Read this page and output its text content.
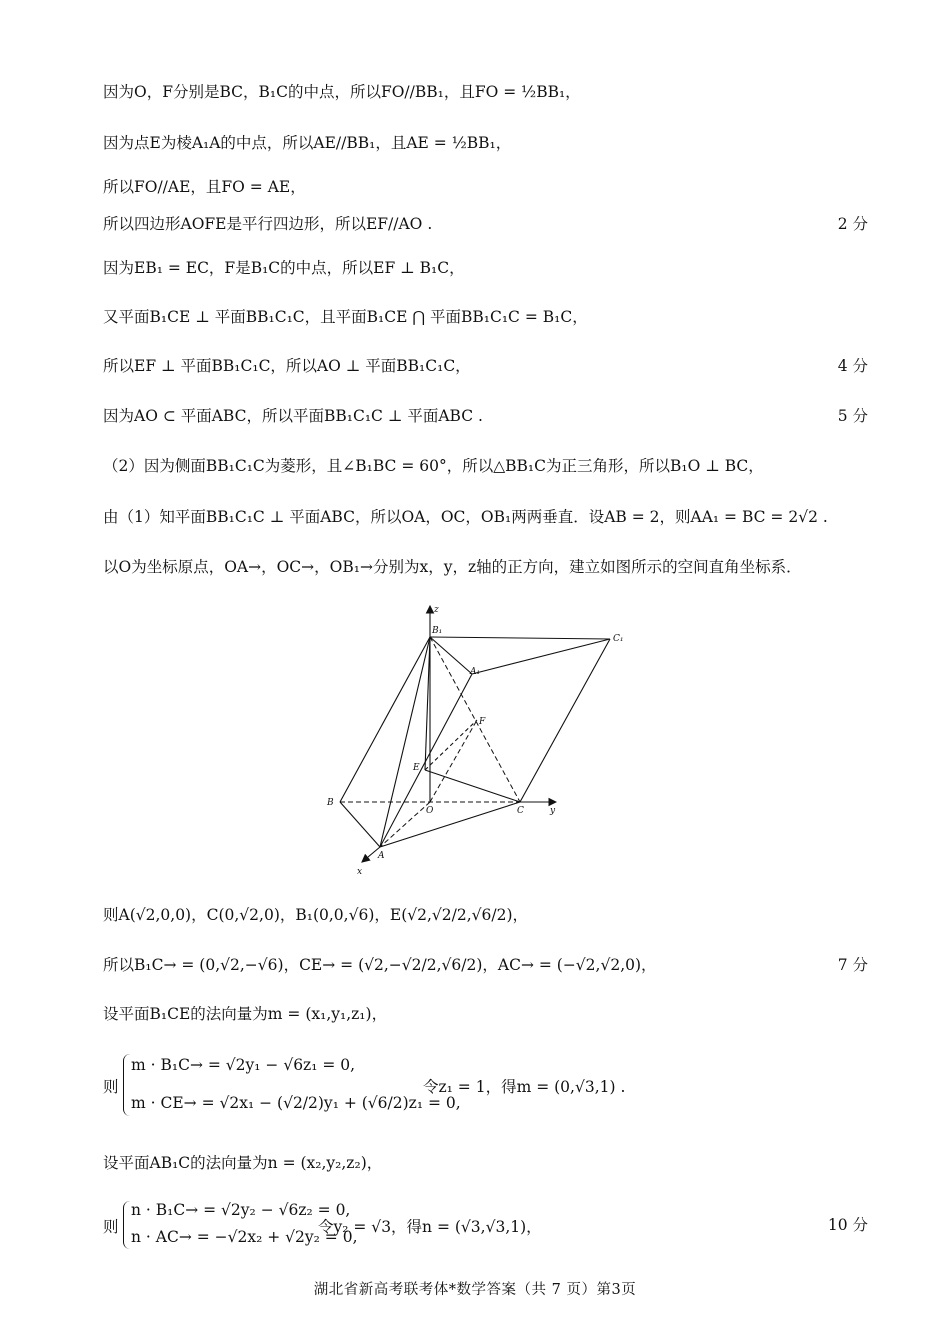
因为O，F分别是BC，B₁C的中点，所以FO//BB₁，且FO = ½BB₁，
因为点E为棱A₁A的中点，所以AE//BB₁，且AE = ½BB₁，
所以FO//AE，且FO = AE，
所以四边形AOFE是平行四边形，所以EF//AO .	2 分
因为EB₁ = EC，F是B₁C的中点，所以EF ⊥ B₁C，
又平面B₁CE ⊥ 平面BB₁C₁C，且平面B₁CE ⋂ 平面BB₁C₁C = B₁C，
所以EF ⊥ 平面BB₁C₁C，所以AO ⊥ 平面BB₁C₁C，	4 分
因为AO ⊂ 平面ABC，所以平面BB₁C₁C ⊥ 平面ABC .	5 分
（2）因为侧面BB₁C₁C为菱形，且∠B₁BC = 60°，所以△BB₁C为正三角形，所以B₁O ⊥ BC，
由（1）知平面BB₁C₁C ⊥ 平面ABC，所以OA，OC，OB₁两两垂直．设AB = 2，则AA₁ = BC = 2√2 .
以O为坐标原点，OA→，OC→，OB₁→分别为x，y，z轴的正方向，建立如图所示的空间直角坐标系．
z
B₁
C₁
A₁
F
E
B
O	C	y
A
x
则A(√2,0,0)，C(0,√2,0)，B₁(0,0,√6)，E(√2,√2/2,√6/2)，
所以B₁C→ = (0,√2,−√6)，CE→ = (√2,−√2/2,√6/2)，AC→ = (−√2,√2,0)，	7 分
设平面B₁CE的法向量为m = (x₁,y₁,z₁)，
则
m · B₁C→ = √2y₁ − √6z₁ = 0,
m · CE→ = √2x₁ − (√2/2)y₁ + (√6/2)z₁ = 0,
令z₁ = 1，得m = (0,√3,1) .
设平面AB₁C的法向量为n = (x₂,y₂,z₂)，
则
n · B₁C→ = √2y₂ − √6z₂ = 0,
n · AC→ = −√2x₂ + √2y₂ = 0,
令y₂ = √3，得n = (√3,√3,1)，	10 分
湖北省新高考联考体*数学答案（共 7 页）第3页
